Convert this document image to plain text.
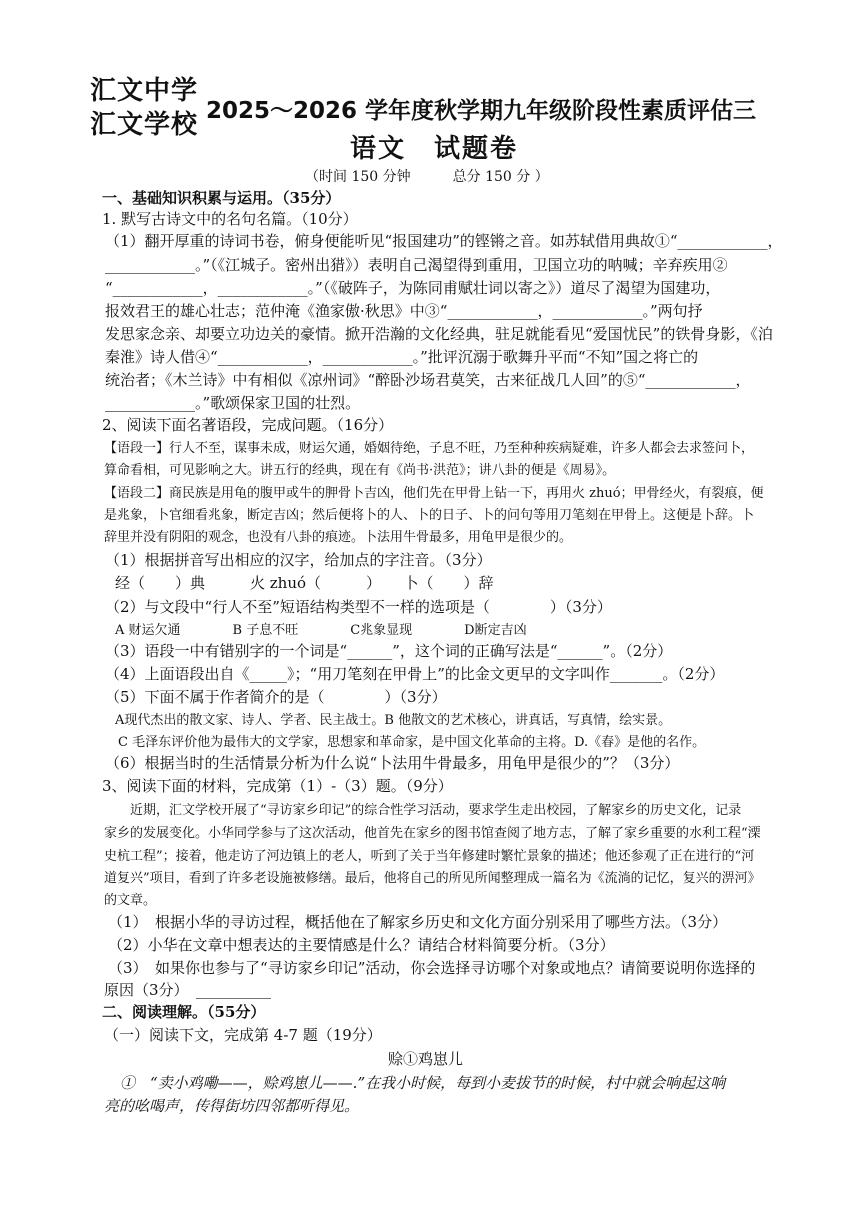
汇文中学
汇文学校 2025～2026 学年度秋学期九年级阶段性素质评估三
语文　试题卷
（时间 150 分钟　　　总分 150 分 ）
一、基础知识积累与运用。（35分）
1. 默写古诗文中的名句名篇。（10分）
（1）翻开厚重的诗词书卷，俯身便能听见“报国建功”的铿锵之音。如苏轼借用典故①“____________，
____________。”（《江城子。密州出猎》）表明自己渴望得到重用，卫国立功的呐喊；辛弃疾用②
“____________，____________。”（《破阵子，为陈同甫赋壮词以寄之》）道尽了渴望为国建功，
报效君王的雄心壮志；范仲淹《渔家傲·秋思》中③“____________，____________。”两句抒
发思家念亲、却要立功边关的豪情。掀开浩瀚的文化经典，驻足就能看见“爱国忧民”的铁骨身影，《泊
秦淮》诗人借④“____________，____________。”批评沉溺于歌舞升平而“不知”国之将亡的
统治者；《木兰诗》中有相似《凉州词》“醉卧沙场君莫笑，古来征战几人回”的⑤“____________，
____________。”歌颂保家卫国的壮烈。
2、阅读下面名著语段，完成问题。（16分）
【语段一】行人不至，谋事未成，财运欠通，婚姻待绝，子息不旺，乃至种种疾病疑难，许多人都会去求签问卜，
算命看相，可见影响之大。讲五行的经典，现在有《尚书·洪范》；讲八卦的便是《周易》。
【语段二】商民族是用龟的腹甲或牛的胛骨卜吉凶，他们先在甲骨上钻一下，再用火 zhuó；甲骨经火，有裂痕，便
是兆象，卜官细看兆象，断定吉凶；然后便将卜的人、卜的日子、卜的问句等用刀笔刻在甲骨上。这便是卜辞。卜
辞里并没有阴阳的观念，也没有八卦的痕迹。卜法用牛骨最多，用龟甲是很少的。
（1）根据拼音写出相应的汉字，给加点的字注音。（3分）
经（　　）典　　　火 zhuó（　　　）　　卜（　　）辞
（2）与文段中“行人不至”短语结构类型不一样的选项是（　　　　）（3分）
A 财运欠通　　　　B 子息不旺　　　　C兆象显现　　　　D断定吉凶
（3）语段一中有错别字的一个词是“______”，这个词的正确写法是“______”。（2分）
（4）上面语段出自《_____》；“用刀笔刻在甲骨上”的比金文更早的文字叫作_______。（2分）
（5）下面不属于作者简介的是（　　　　）（3分）
A现代杰出的散文家、诗人、学者、民主战士。B 他散文的艺术核心，讲真话，写真情，绘实景。
C 毛泽东评价他为最伟大的文学家，思想家和革命家，是中国文化革命的主将。D.《春》是他的名作。
（6）根据当时的生活情景分析为什么说“卜法用牛骨最多，用龟甲是很少的”？（3分）
3、阅读下面的材料，完成第（1）-（3）题。（9分）
　　近期，汇文学校开展了“寻访家乡印记”的综合性学习活动，要求学生走出校园，了解家乡的历史文化，记录
家乡的发展变化。小华同学参与了这次活动，他首先在家乡的图书馆查阅了地方志，了解了家乡重要的水利工程“溧
史杭工程”；接着，他走访了河边镇上的老人，听到了关于当年修建时繁忙景象的描述；他还参观了正在进行的“河
道复兴”项目，看到了许多老设施被修缮。最后，他将自己的所见所闻整理成一篇名为《流淌的记忆，复兴的淠河》
的文章。
（1）　根据小华的寻访过程，概括他在了解家乡历史和文化方面分别采用了哪些方法。（3分）
（2）小华在文章中想表达的主要情感是什么？请结合材料简要分析。（3分）
（3）　如果你也参与了“寻访家乡印记”活动，你会选择寻访哪个对象或地点？请简要说明你选择的
原因（3分）　__________
二、阅读理解。（55分）
（一）阅读下文，完成第 4-7 题（19分）
赊①鸡崽儿
①　“卖小鸡嘞——，赊鸡崽儿——.”在我小时候，每到小麦拔节的时候，村中就会响起这响
亮的吆喝声，传得街坊四邻都听得见。
